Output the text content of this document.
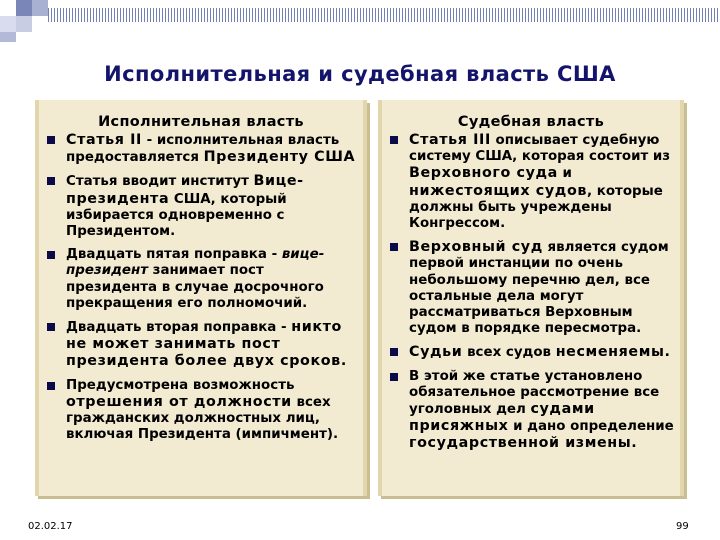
Исполнительная и судебная власть США
Исполнительная власть
Статья II - исполнительная власть предоставляется Президенту США
Статья вводит институт Вице-президента США, который избирается одновременно с Президентом.
Двадцать пятая поправка - вице-президент занимает пост президента в случае досрочного прекращения его полномочий.
Двадцать вторая поправка - никто не может занимать пост президента более двух сроков.
Предусмотрена возможность отрешения от должности всех гражданских должностных лиц, включая Президента (импичмент).
Судебная власть
Статья III описывает судебную систему США, которая состоит из Верховного суда и нижестоящих судов, которые должны быть учреждены Конгрессом.
Верховный суд является судом первой инстанции по очень небольшому перечню дел, все остальные дела могут рассматриваться Верховным судом в порядке пересмотра.
Судьи всех судов несменяемы.
В этой же статье установлено обязательное рассмотрение все уголовных дел судами присяжных и дано определение государственной измены.
02.02.17	99
